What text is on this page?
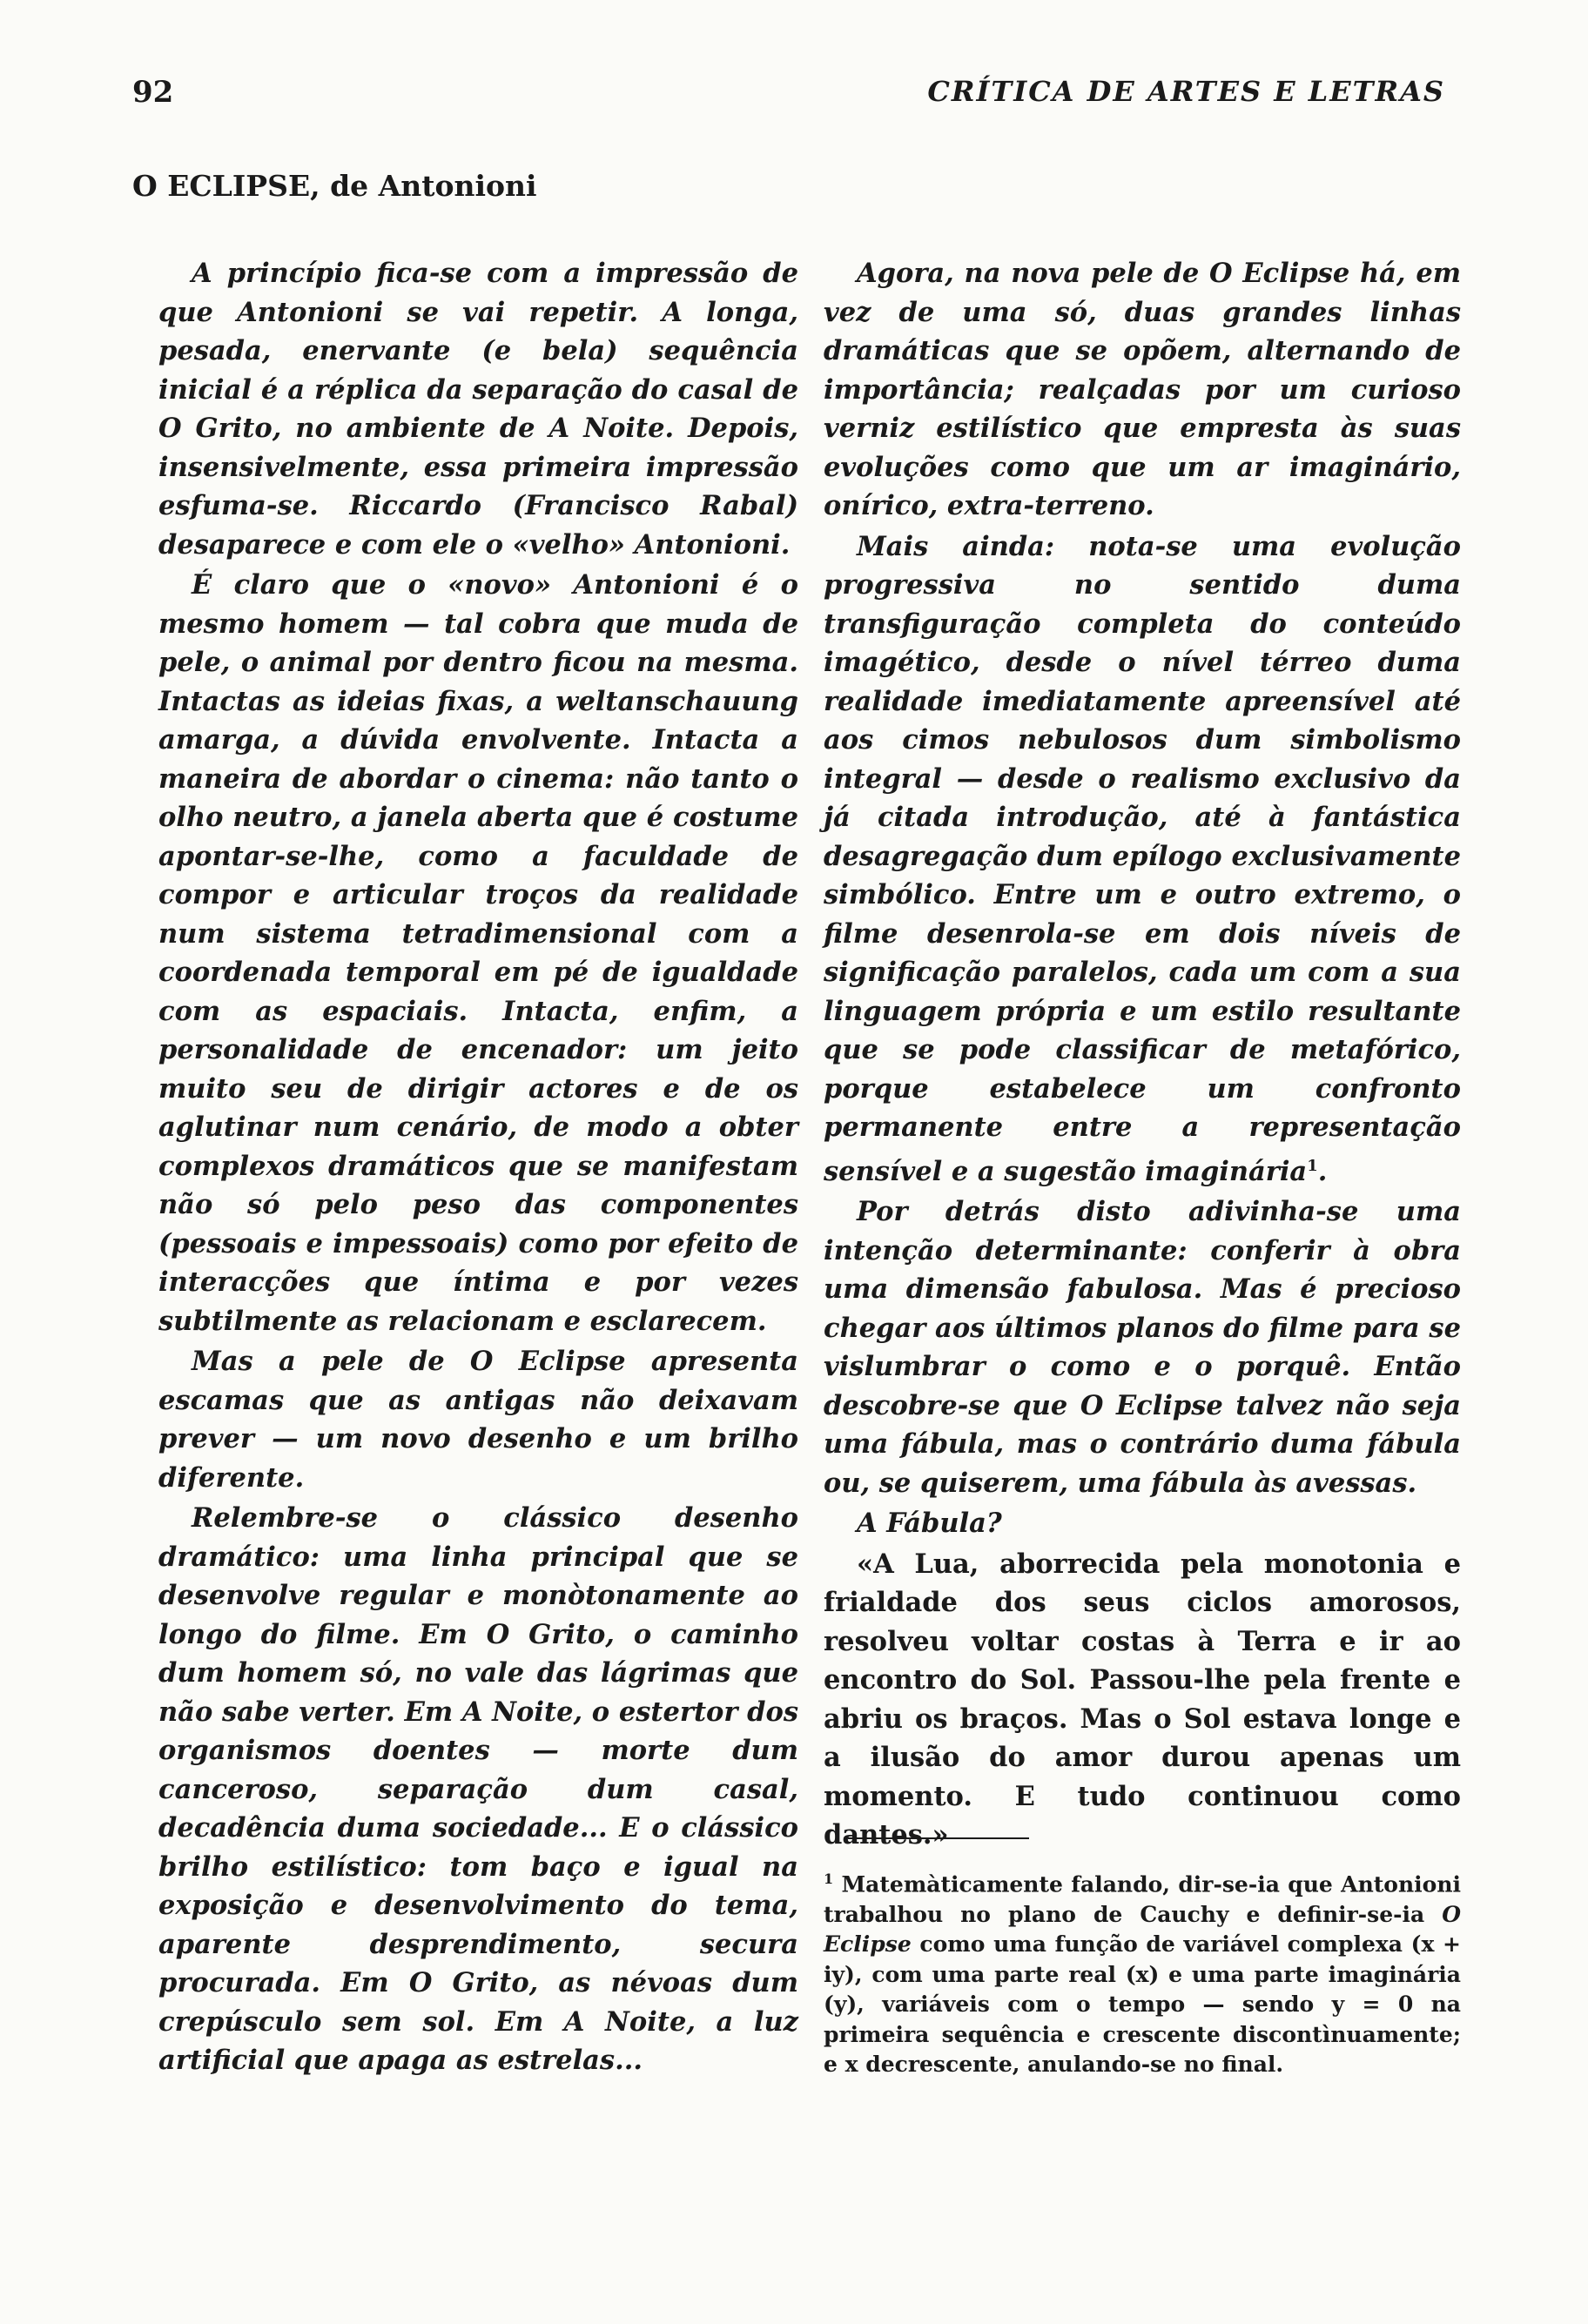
92	CRÍTICA DE ARTES E LETRAS
O ECLIPSE, de Antonioni

A princípio fica-se com a impressão de que Antonioni se vai repetir. A longa, pesada, enervante (e bela) sequência inicial é a réplica da separação do casal de O Grito, no ambiente de A Noite. Depois, insensivelmente, essa primeira impressão esfuma-se. Riccardo (Francisco Rabal) desaparece e com ele o «velho» Antonioni.

É claro que o «novo» Antonioni é o mesmo homem — tal cobra que muda de pele, o animal por dentro ficou na mesma. Intactas as ideias fixas, a weltanschauung amarga, a dúvida envolvente. Intacta a maneira de abordar o cinema: não tanto o olho neutro, a janela aberta que é costume apontar-se-lhe, como a faculdade de compor e articular troços da realidade num sistema tetradimensional com a coordenada temporal em pé de igualdade com as espaciais. Intacta, enfim, a personalidade de encenador: um jeito muito seu de dirigir actores e de os aglutinar num cenário, de modo a obter complexos dramáticos que se manifestam não só pelo peso das componentes (pessoais e impessoais) como por efeito de interacções que íntima e por vezes subtilmente as relacionam e esclarecem.

Mas a pele de O Eclipse apresenta escamas que as antigas não deixavam prever — um novo desenho e um brilho diferente.

Relembre-se o clássico desenho dramático: uma linha principal que se desenvolve regular e monòtonamente ao longo do filme. Em O Grito, o caminho dum homem só, no vale das lágrimas que não sabe verter. Em A Noite, o estertor dos organismos doentes — morte dum canceroso, separação dum casal, decadência duma sociedade... E o clássico brilho estilístico: tom baço e igual na exposição e desenvolvimento do tema, aparente desprendimento, secura procurada. Em O Grito, as névoas dum crepúsculo sem sol. Em A Noite, a luz artificial que apaga as estrelas...

Agora, na nova pele de O Eclipse há, em vez de uma só, duas grandes linhas dramáticas que se opõem, alternando de importância; realçadas por um curioso verniz estilístico que empresta às suas evoluções como que um ar imaginário, onírico, extra-terreno.

Mais ainda: nota-se uma evolução progressiva no sentido duma transfiguração completa do conteúdo imagético, desde o nível térreo duma realidade imediatamente apreensível até aos cimos nebulosos dum simbolismo integral — desde o realismo exclusivo da já citada introdução, até à fantástica desagregação dum epílogo exclusivamente simbólico. Entre um e outro extremo, o filme desenrola-se em dois níveis de significação paralelos, cada um com a sua linguagem própria e um estilo resultante que se pode classificar de metafórico, porque estabelece um confronto permanente entre a representação sensível e a sugestão imaginária$^1$.

Por detrás disto adivinha-se uma intenção determinante: conferir à obra uma dimensão fabulosa. Mas é precioso chegar aos últimos planos do filme para se vislumbrar o como e o porquê. Então descobre-se que O Eclipse talvez não seja uma fábula, mas o contrário duma fábula ou, se quiserem, uma fábula às avessas.

A Fábula?

«A Lua, aborrecida pela monotonia e frialdade dos seus ciclos amorosos, resolveu voltar costas à Terra e ir ao encontro do Sol. Passou-lhe pela frente e abriu os braços. Mas o Sol estava longe e a ilusão do amor durou apenas um momento. E tudo continuou como dantes.»

$^1$ Matemàticamente falando, dir-se-ia que Antonioni trabalhou no plano de Cauchy e definir-se-ia O Eclipse como uma função de variável complexa (x + iy), com uma parte real (x) e uma parte imaginária (y), variáveis com o tempo — sendo y = 0 na primeira sequência e crescente discontìnuamente; e x decrescente, anulando-se no final.
